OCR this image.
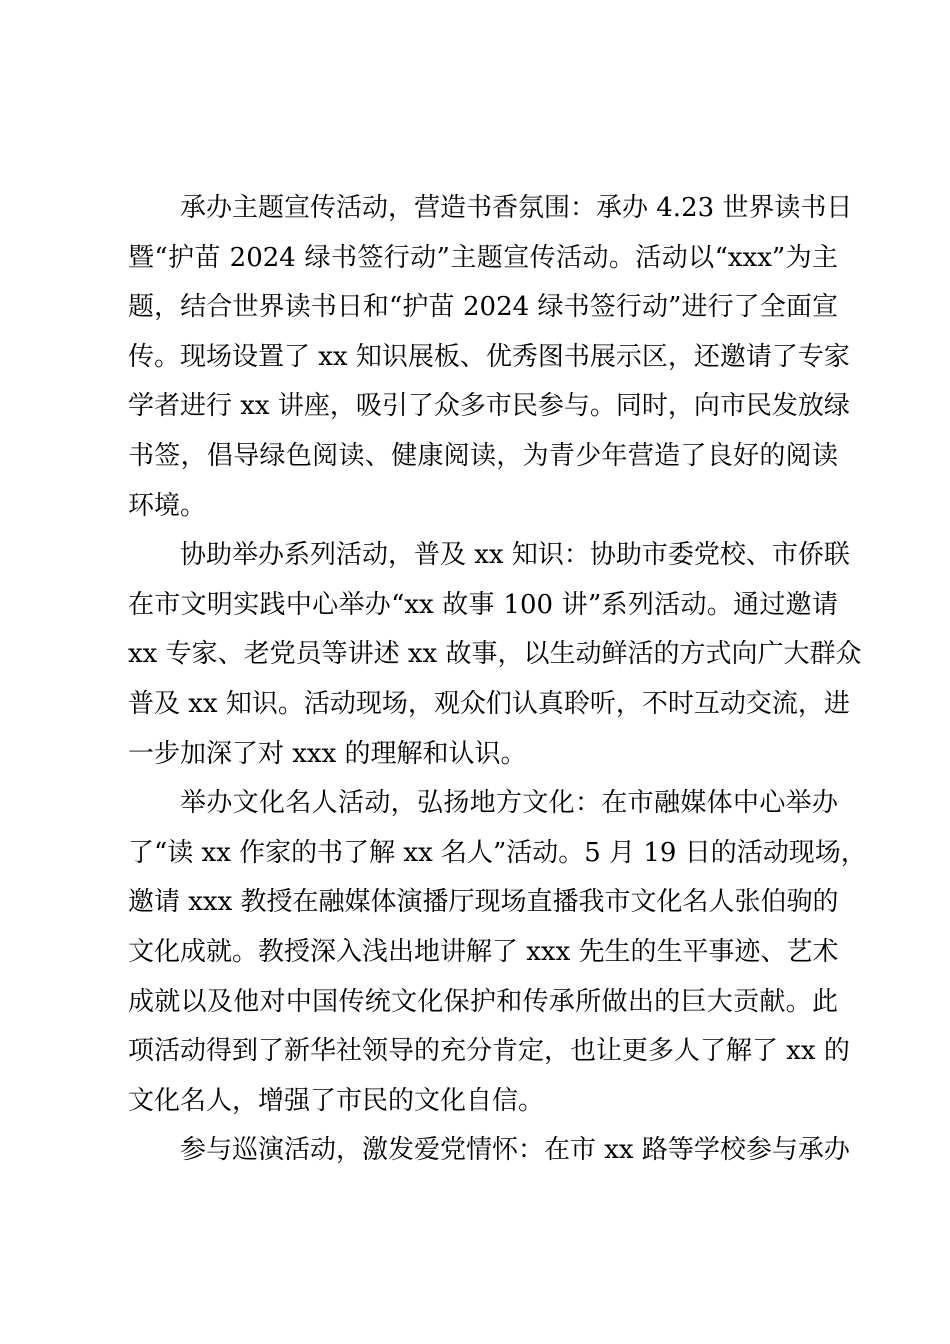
承办主题宣传活动，营造书香氛围：承办 4.23 世界读书日
暨“护苗 2024 绿书签行动”主题宣传活动。活动以“xxx”为主
题，结合世界读书日和“护苗 2024 绿书签行动”进行了全面宣
传。现场设置了 xx 知识展板、优秀图书展示区，还邀请了专家
学者进行 xx 讲座，吸引了众多市民参与。同时，向市民发放绿
书签，倡导绿色阅读、健康阅读，为青少年营造了良好的阅读
环境。
协助举办系列活动，普及 xx 知识：协助市委党校、市侨联
在市文明实践中心举办“xx 故事 100 讲”系列活动。通过邀请
xx 专家、老党员等讲述 xx 故事，以生动鲜活的方式向广大群众
普及 xx 知识。活动现场，观众们认真聆听，不时互动交流，进
一步加深了对 xxx 的理解和认识。
举办文化名人活动，弘扬地方文化：在市融媒体中心举办
了“读 xx 作家的书了解 xx 名人”活动。5 月 19 日的活动现场，
邀请 xxx 教授在融媒体演播厅现场直播我市文化名人张伯驹的
文化成就。教授深入浅出地讲解了 xxx 先生的生平事迹、艺术
成就以及他对中国传统文化保护和传承所做出的巨大贡献。此
项活动得到了新华社领导的充分肯定，也让更多人了解了 xx 的
文化名人，增强了市民的文化自信。
参与巡演活动，激发爱党情怀：在市 xx 路等学校参与承办
